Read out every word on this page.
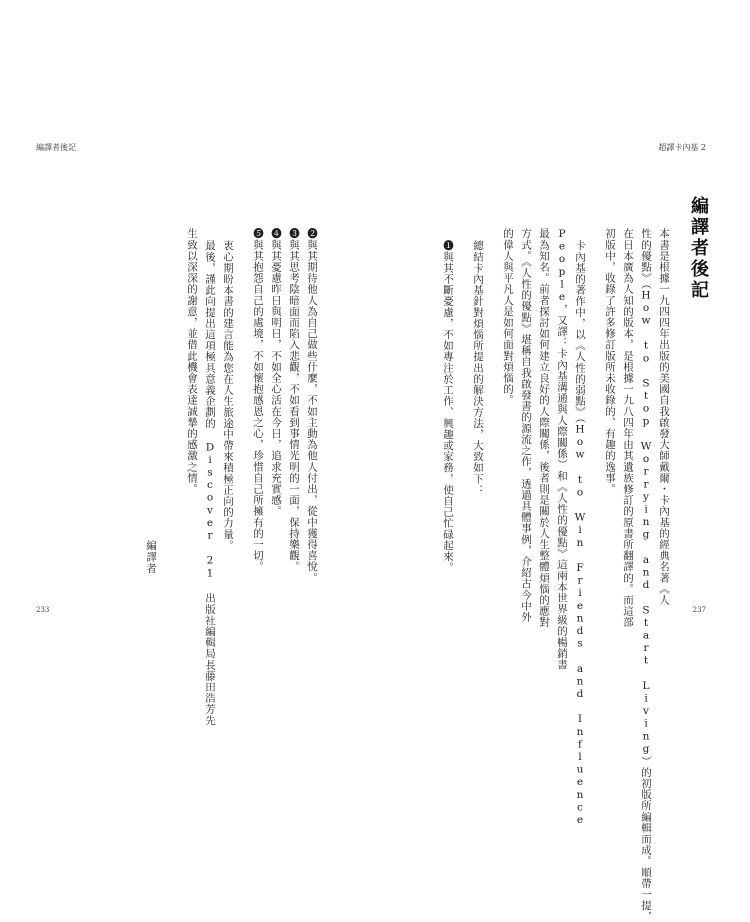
編譯者後記	超譯卡內基 2
編譯者後記
本書是根據一九四四年出版的美國自我啟發大師戴爾・卡內基的經典名著《人
性的優點》（How to Stop Worrying and Start Living）的初版所編輯而成。順帶一提，
在日本廣為人知的版本，是根據一九八四年由其遺族修訂的原書所翻譯的。而這部
初版中，收錄了許多修訂版所未收錄的、有趣的逸事。
卡內基的著作中，以《人性的弱點》（How to Win Friends and Influence
People，又譯：卡內基溝通與人際關係）和《人性的優點》這兩本世界級的暢銷書
最為知名。前者探討如何建立良好的人際關係，後者則是關於人生整體煩惱的應對
方式。《人性的優點》堪稱自我啟發書的源流之作，透過具體事例，介紹古今中外
的偉人與平凡人是如何面對煩惱的。
總結卡內基針對煩惱所提出的解決方法，大致如下：
❶與其不斷憂慮，不如專注於工作、興趣或家務，使自己忙碌起來。
❷與其期待他人為自己做些什麼，不如主動為他人付出，從中獲得喜悅。
❸與其思考陰暗面而陷入悲觀，不如看到事情光明的一面，保持樂觀。
❹與其憂慮昨日與明日，不如全心活在今日，追求充實感。
❺與其抱怨自己的處境，不如懷抱感恩之心，珍惜自己所擁有的一切。
衷心期盼本書的建言能為您在人生旅途中帶來積極正向的力量。
最後，謹此向提出這項極具意義企劃的 Discover 21 出版社編輯局長藤田浩芳先
生致以深深的謝意，並借此機會表達誠摯的感激之情。
編譯者
233	237
